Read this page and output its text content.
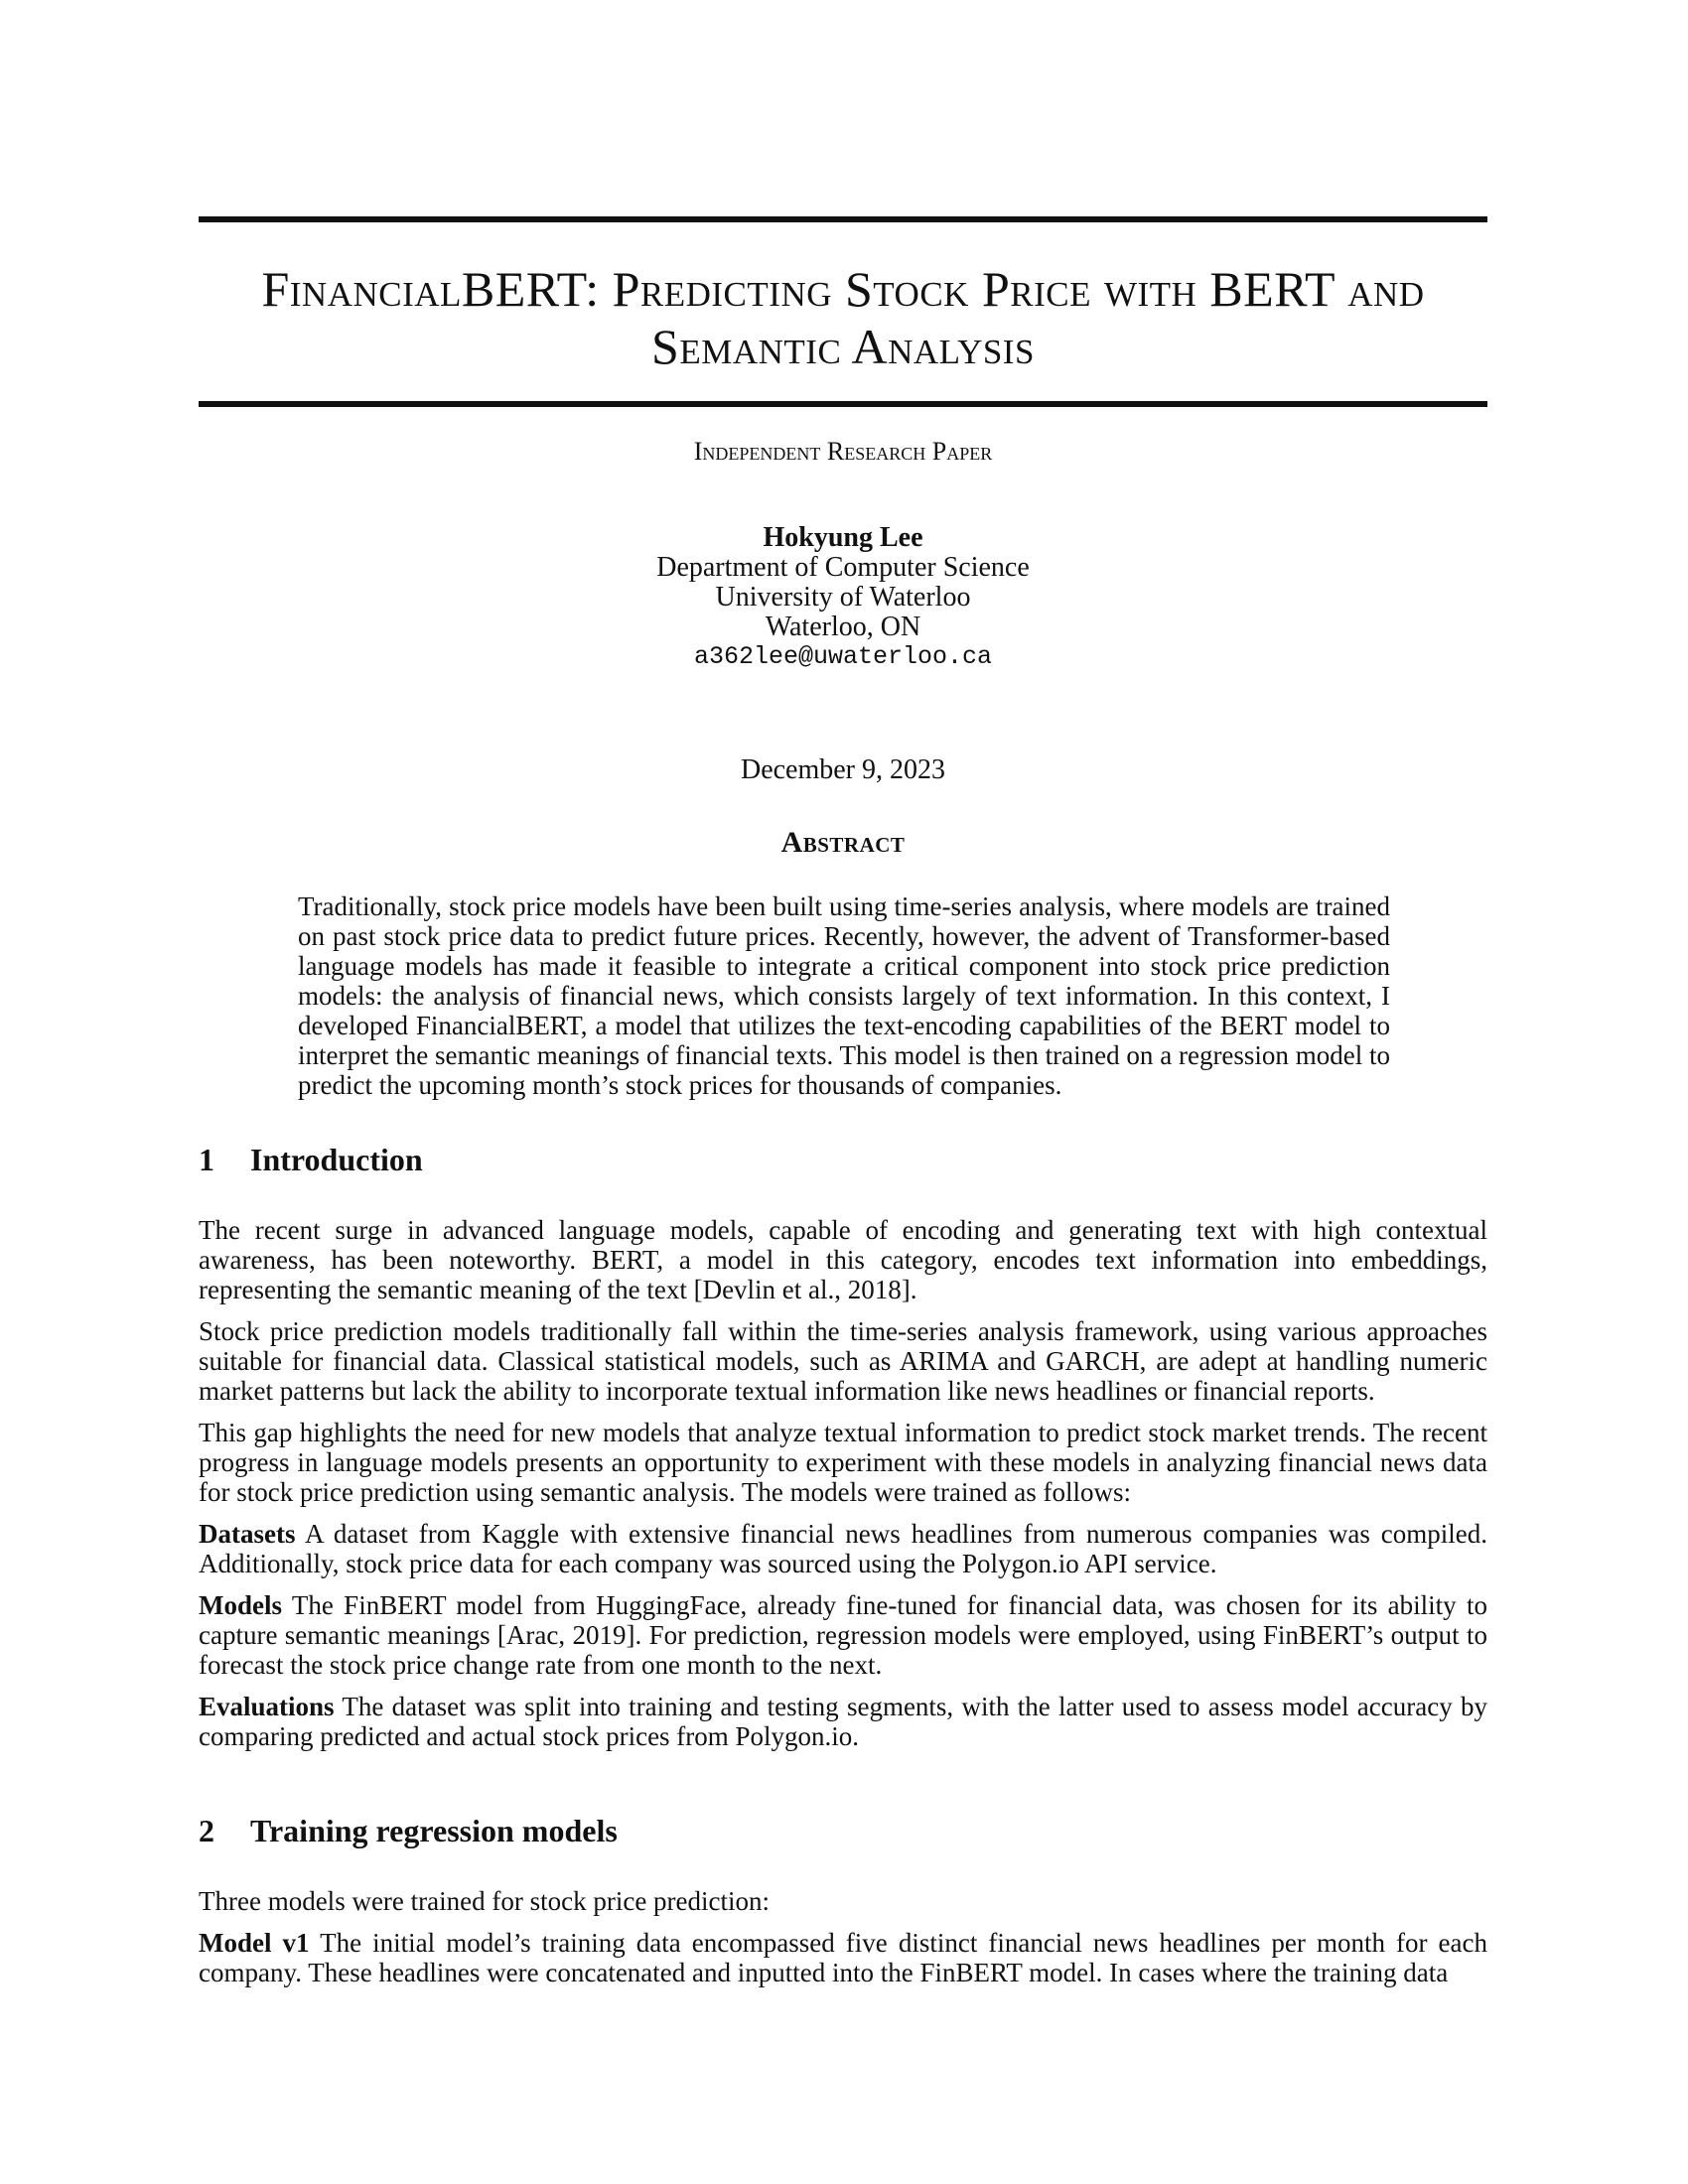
FinancialBERT: Predicting Stock Price with BERT and
Semantic Analysis
Independent Research Paper
Hokyung Lee
Department of Computer Science
University of Waterloo
Waterloo, ON
a362lee@uwaterloo.ca
December 9, 2023
Abstract
Traditionally, stock price models have been built using time-series analysis, where models are trained on past stock price data to predict future prices. Recently, however, the advent of Transformer-based language models has made it feasible to integrate a critical component into stock price prediction models: the analysis of financial news, which consists largely of text information. In this context, I developed FinancialBERT, a model that utilizes the text-encoding capabilities of the BERT model to interpret the semantic meanings of financial texts. This model is then trained on a regression model to predict the upcoming month’s stock prices for thousands of companies.
1 Introduction

The recent surge in advanced language models, capable of encoding and generating text with high contextual awareness, has been noteworthy. BERT, a model in this category, encodes text information into embeddings, representing the semantic meaning of the text [Devlin et al., 2018].

Stock price prediction models traditionally fall within the time-series analysis framework, using various approaches suitable for financial data. Classical statistical models, such as ARIMA and GARCH, are adept at handling numeric market patterns but lack the ability to incorporate textual information like news headlines or financial reports.

This gap highlights the need for new models that analyze textual information to predict stock market trends. The recent progress in language models presents an opportunity to experiment with these models in analyzing financial news data for stock price prediction using semantic analysis. The models were trained as follows:

Datasets A dataset from Kaggle with extensive financial news headlines from numerous companies was compiled. Additionally, stock price data for each company was sourced using the Polygon.io API service.

Models The FinBERT model from HuggingFace, already fine-tuned for financial data, was chosen for its ability to capture semantic meanings [Arac, 2019]. For prediction, regression models were employed, using FinBERT’s output to forecast the stock price change rate from one month to the next.

Evaluations The dataset was split into training and testing segments, with the latter used to assess model accuracy by comparing predicted and actual stock prices from Polygon.io.

2 Training regression models

Three models were trained for stock price prediction:

Model v1 The initial model’s training data encompassed five distinct financial news headlines per month for each company. These headlines were concatenated and inputted into the FinBERT model. In cases where the training data
